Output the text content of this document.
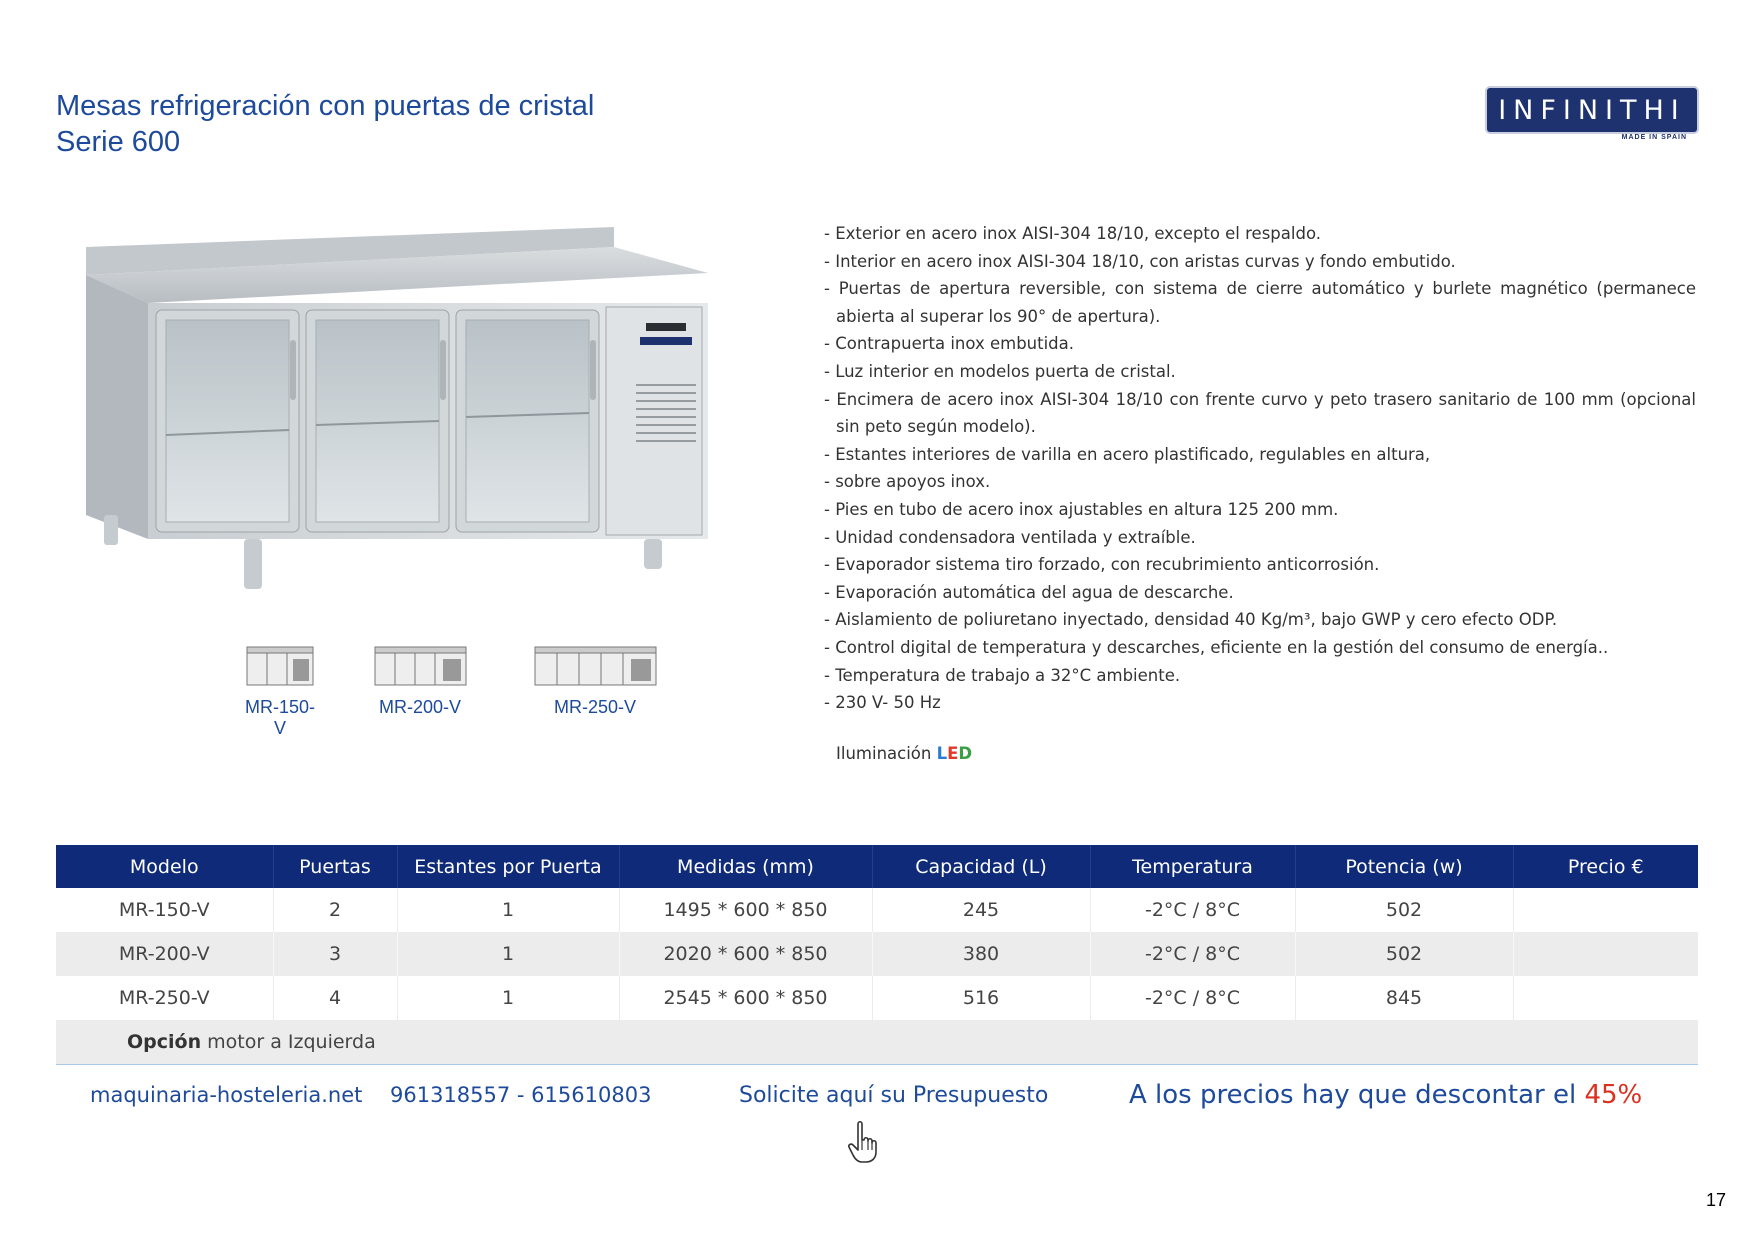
Mesas refrigeración con puertas de cristal
Serie 600
INFINITHI
MADE IN SPAIN
MR-150-V
MR-200-V	MR-250-V
- Exterior en acero inox AISI-304 18/10, excepto el respaldo.
- Interior en acero inox AISI-304 18/10, con aristas curvas y fondo embutido.
- Puertas de apertura reversible, con sistema de cierre automático y burlete magnético (permanece abierta al superar los 90° de apertura).
- Contrapuerta inox embutida.
- Luz interior en modelos puerta de cristal.
- Encimera de acero inox AISI-304 18/10 con frente curvo y peto trasero sanitario de 100 mm (opcional sin peto según modelo).
- Estantes interiores de varilla en acero plastificado, regulables en altura,
- sobre apoyos inox.
- Pies en tubo de acero inox ajustables en altura 125 200 mm.
- Unidad condensadora ventilada y extraíble.
- Evaporador sistema tiro forzado, con recubrimiento anticorrosión.
- Evaporación automática del agua de descarche.
- Aislamiento de poliuretano inyectado, densidad 40 Kg/m³, bajo GWP y cero efecto ODP.
- Control digital de temperatura y descarches, eficiente en la gestión del consumo de energía..
- Temperatura de trabajo a 32°C ambiente.
- 230 V- 50 Hz
Iluminación LED
Modelo	Puertas	Estantes por Puerta	Medidas (mm)	Capacidad (L)	Temperatura	Potencia (w)	Precio €
MR-150-V	2	1	1495 * 600 * 850	245	-2°C / 8°C	502	
MR-200-V	3	1	2020 * 600 * 850	380	-2°C / 8°C	502	
MR-250-V	4	1	2545 * 600 * 850	516	-2°C / 8°C	845	
Opción motor a Izquierda							
maquinaria-hosteleria.net 961318557 - 615610803	Solicite aquí su Presupuesto	A los precios hay que descontar el 45%
17
